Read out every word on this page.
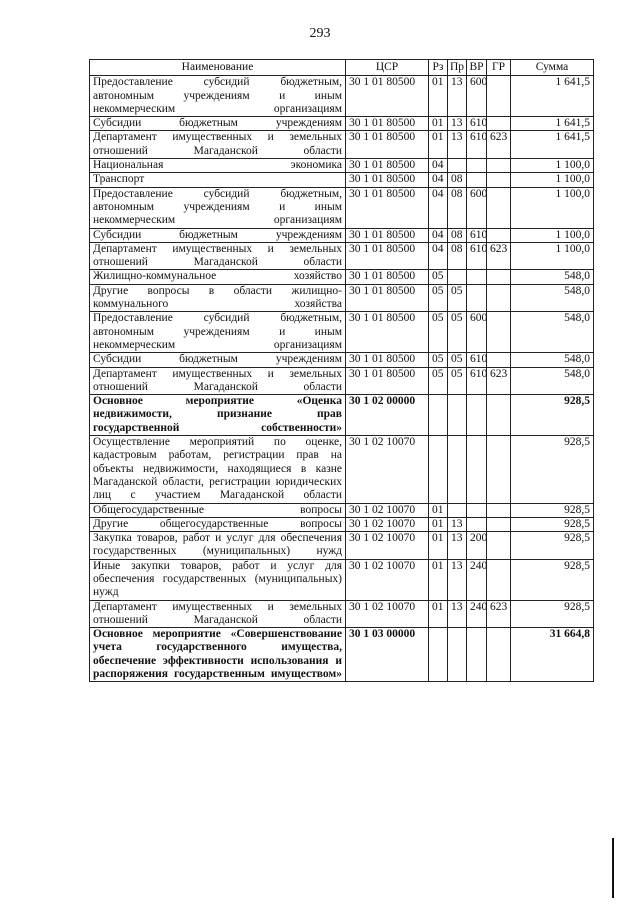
293
Наименование	ЦСР	Рз	Пр	ВР	ГР	Сумма
Предоставление субсидий бюджетным, автономным учреждениям и иным некоммерческим организациям	30 1 01 80500	01	13	600		1 641,5
Субсидии бюджетным учреждениям	30 1 01 80500	01	13	610		1 641,5
Департамент имущественных и земельных отношений Магаданской области	30 1 01 80500	01	13	610	623	1 641,5
Национальная экономика	30 1 01 80500	04				1 100,0
Транспорт	30 1 01 80500	04	08			1 100,0
Предоставление субсидий бюджетным, автономным учреждениям и иным некоммерческим организациям	30 1 01 80500	04	08	600		1 100,0
Субсидии бюджетным учреждениям	30 1 01 80500	04	08	610		1 100,0
Департамент имущественных и земельных отношений Магаданской области	30 1 01 80500	04	08	610	623	1 100,0
Жилищно-коммунальное хозяйство	30 1 01 80500	05				548,0
Другие вопросы в области жилищно-коммунального хозяйства	30 1 01 80500	05	05			548,0
Предоставление субсидий бюджетным, автономным учреждениям и иным некоммерческим организациям	30 1 01 80500	05	05	600		548,0
Субсидии бюджетным учреждениям	30 1 01 80500	05	05	610		548,0
Департамент имущественных и земельных отношений Магаданской области	30 1 01 80500	05	05	610	623	548,0
Основное мероприятие «Оценка недвижимости, признание прав государственной собственности»	30 1 02 00000					928,5
Осуществление мероприятий по оценке, кадастровым работам, регистрации прав на объекты недвижимости, находящиеся в казне Магаданской области, регистрации юридических лиц с участием Магаданской области	30 1 02 10070					928,5
Общегосударственные вопросы	30 1 02 10070	01				928,5
Другие общегосударственные вопросы	30 1 02 10070	01	13			928,5
Закупка товаров, работ и услуг для обеспечения государственных (муниципальных) нужд	30 1 02 10070	01	13	200		928,5
Иные закупки товаров, работ и услуг для обеспечения государственных (муниципальных) нужд	30 1 02 10070	01	13	240		928,5
Департамент имущественных и земельных отношений Магаданской области	30 1 02 10070	01	13	240	623	928,5
Основное мероприятие «Совершенствование учета государственного имущества, обеспечение эффективности использования и распоряжения государственным имуществом»	30 1 03 00000					31 664,8
